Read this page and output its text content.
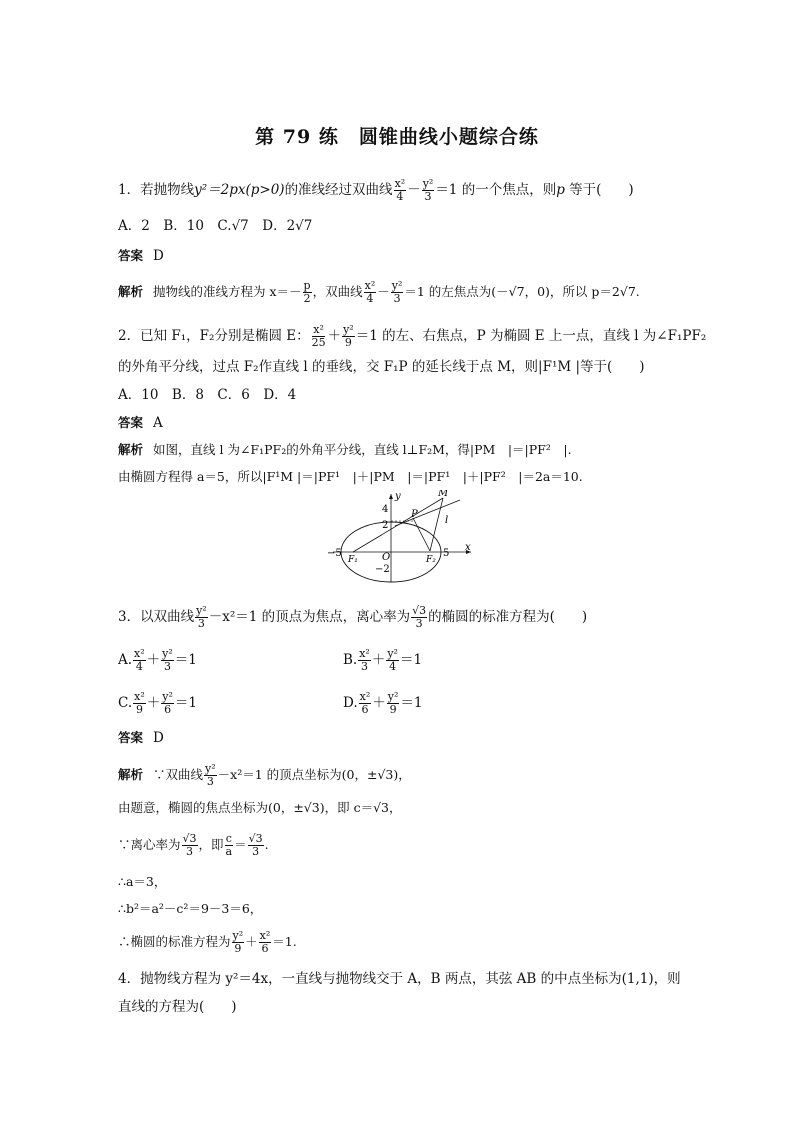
第 79 练　圆锥曲线小题综合练
1．若抛物线y²＝2px(p>0)的准线经过双曲线 $\frac{\text{x²}}{4} - \frac{\text{y²}}{3} =1$ 的一个焦点，则p 等于(　　)
A．2　B．10　C.√7　D．2√7
答案 D
解析 抛物线的准线方程为 $x=- \frac{p}{2}$ ，双曲线 $\frac{\text{x²}}{4} - \frac{\text{y²}}{3} =1$ 的左焦点为(－√7，0)，所以 p＝2√7.
2．已知 F₁，F₂分别是椭圆 E： $\frac{\text{x²}}{25} + \frac{\text{y²}}{9} =1$ 的左、右焦点，P 为椭圆 E 上一点，直线 l 为∠F₁PF₂
的外角平分线，过点 F₂作直线 l 的垂线，交 F₁P 的延长线于点 M，则|F¹M |等于(　　)
A．10　B．8　C．6　D．4
答案 A
解析 如图，直线 l 为∠F₁PF₂的外角平分线，直线 l⊥F₂M，得|PM　|＝|PF²　|.
由椭圆方程得 a＝5，所以|F¹M |＝|PF¹　|＋|PM　|＝|PF¹　|＋|PF²　|＝2a＝10.
y	M
4 P
l
2
−5
F₁ O	F₂
5
x
−2
3．以双曲线 $\frac{\text{y²}}{3} -x^2=1$ 的顶点为焦点，离心率为 $\frac{√3}{3}$ 的椭圆的标准方程为(　　)
A. $\frac{\text{x²}}{4} + \frac{\text{y²}}{3} =1$	B. $\frac{\text{x²}}{3} + \frac{\text{y²}}{4} =1$
C. $\frac{\text{x²}}{9} + \frac{\text{y²}}{6} =1$	D. $\frac{\text{x²}}{6} + \frac{\text{y²}}{9} =1$
答案 D
解析 ∵双曲线 $\frac{\text{y²}}{3} -x^2=1$ 的顶点坐标为(0，±√3)，
由题意，椭圆的焦点坐标为(0，±√3)，即 c＝√3，
∵离心率为 $\frac{√3}{3}$ ，即 $\frac{c}{a} = \frac{√3}{3}$ .
∴a＝3，
∴b²＝a²－c²＝9－3＝6，
∴椭圆的标准方程为 $\frac{\text{y²}}{9} + \frac{\text{x²}}{6} =1$.
4．抛物线方程为 y²＝4x，一直线与抛物线交于 A，B 两点，其弦 AB 的中点坐标为(1,1)，则
直线的方程为(　　)
